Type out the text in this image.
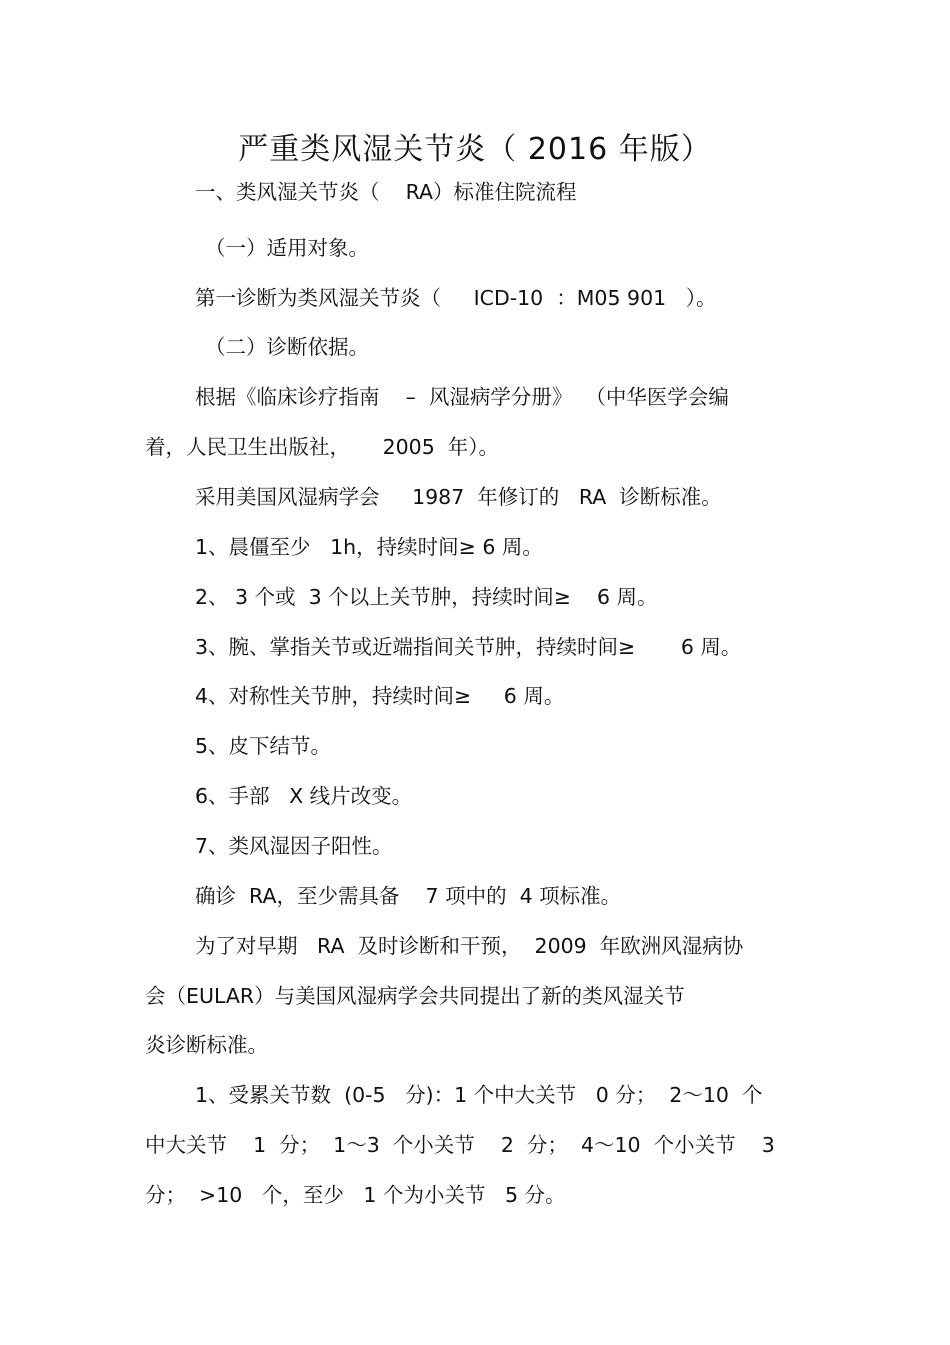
严重类风湿关节炎（ 2016 年版）
一、类风湿关节炎（    RA）标准住院流程
（一）适用对象。
第一诊断为类风湿关节炎（     ICD-10  ：M05 901   ）。
（二）诊断依据。
根据《临床诊疗指南    –  风湿病学分册》  （中华医学会编
着，人民卫生出版社，     2005  年）。
采用美国风湿病学会     1987  年修订的   RA  诊断标准。
1、晨僵至少   1h，持续时间≥ 6 周。
2、 3 个或  3 个以上关节肿，持续时间≥    6 周。
3、腕、掌指关节或近端指间关节肿，持续时间≥       6 周。
4、对称性关节肿，持续时间≥     6 周。
5、皮下结节。
6、手部   X 线片改变。
7、类风湿因子阳性。
确诊  RA，至少需具备    7 项中的  4 项标准。
为了对早期   RA  及时诊断和干预，  2009  年欧洲风湿病协
会（EULAR）与美国风湿病学会共同提出了新的类风湿关节
炎诊断标准。
1、受累关节数  (0-5   分)：1 个中大关节   0 分；  2～10  个
中大关节    1  分；  1～3  个小关节    2  分；  4～10  个小关节    3
分；  >10   个，至少   1 个为小关节   5 分。
